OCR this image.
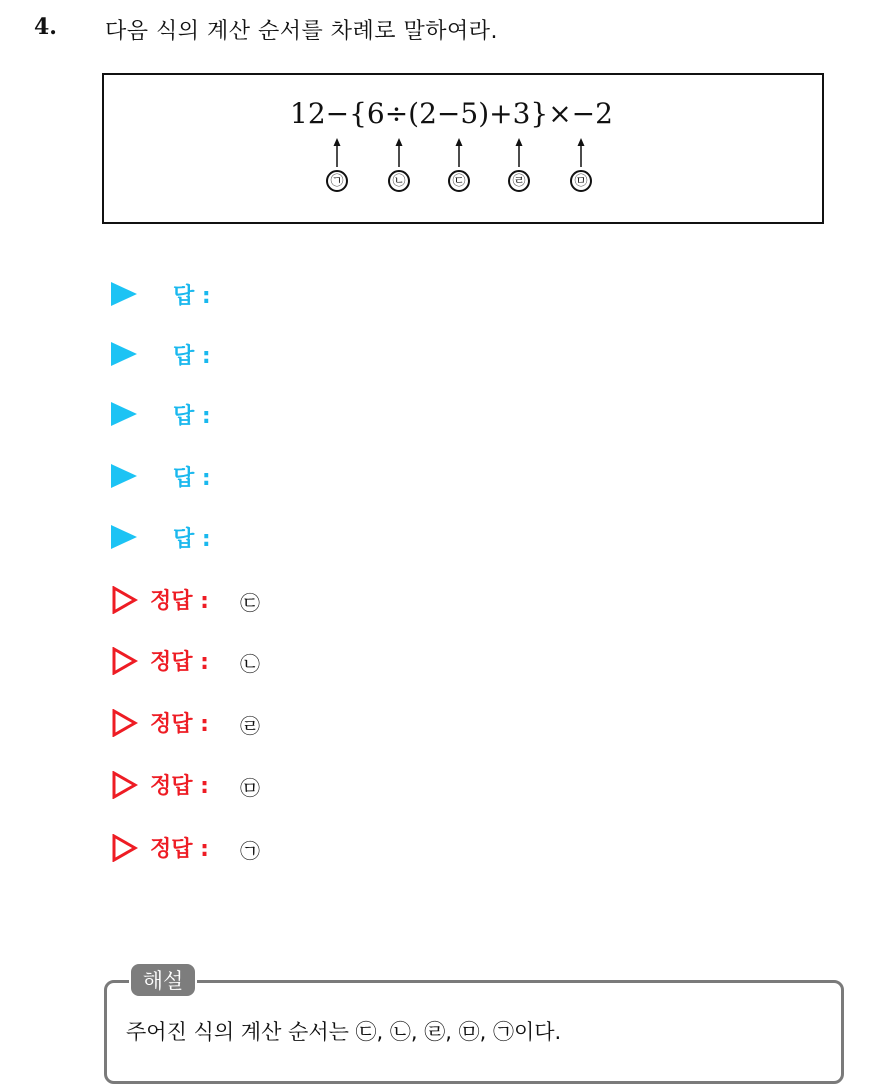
4. 다음 식의 계산 순서를 차례로 말하여라.
12−{6÷(2−5)+3}×−2
㉠	㉡	㉢	㉣	㉤
답 :
답 :
답 :
답 :
답 :
정답 : ㉢
정답 : ㉡
정답 : ㉣
정답 : ㉤
정답 : ㉠
해설
주어진 식의 계산 순서는 ㉢, ㉡, ㉣, ㉤, ㉠이다.
